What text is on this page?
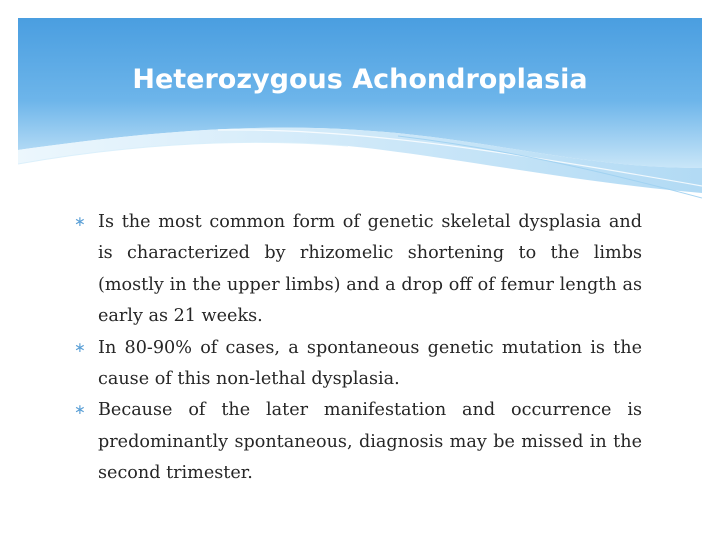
Heterozygous Achondroplasia
∗ Is the most common form of genetic skeletal dysplasia and is characterized by rhizomelic shortening to the limbs (mostly in the upper limbs) and a drop off of femur length as early as 21 weeks.
∗ In 80-90% of cases, a spontaneous genetic mutation is the cause of this non-lethal dysplasia.
∗ Because of the later manifestation and occurrence is predominantly spontaneous, diagnosis may be missed in the second trimester.
